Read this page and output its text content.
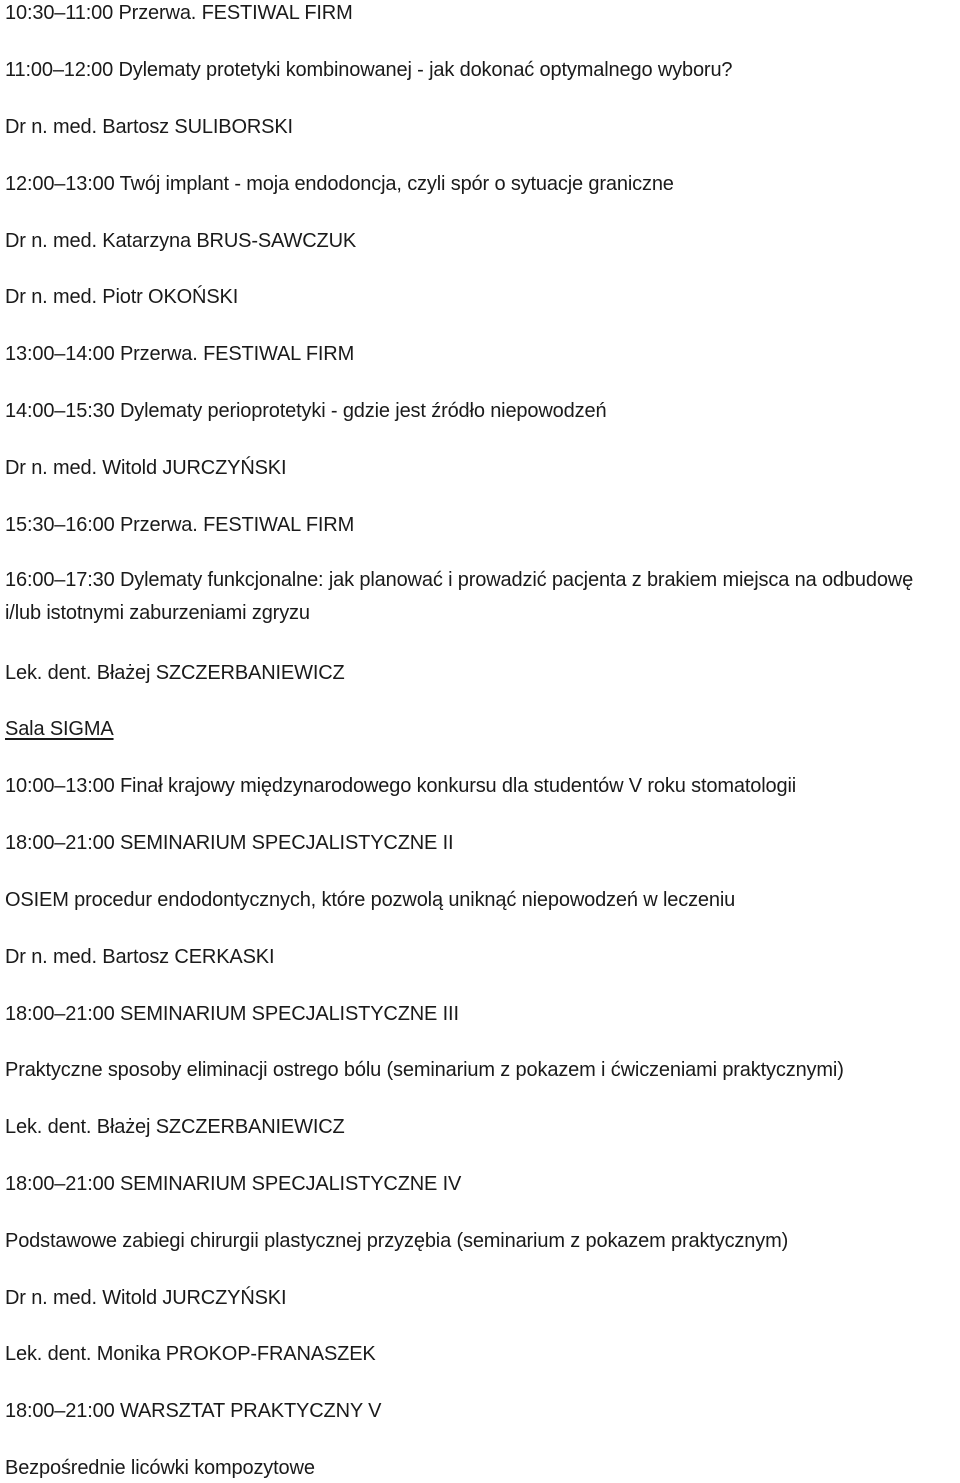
10:30–11:00 Przerwa. FESTIWAL FIRM
11:00–12:00 Dylematy protetyki kombinowanej - jak dokonać optymalnego wyboru?
Dr n. med. Bartosz SULIBORSKI
12:00–13:00 Twój implant - moja endodoncja, czyli spór o sytuacje graniczne
Dr n. med. Katarzyna BRUS-SAWCZUK
Dr n. med. Piotr OKOŃSKI
13:00–14:00 Przerwa. FESTIWAL FIRM
14:00–15:30 Dylematy perioprotetyki - gdzie jest źródło niepowodzeń
Dr n. med. Witold JURCZYŃSKI
15:30–16:00 Przerwa. FESTIWAL FIRM
16:00–17:30 Dylematy funkcjonalne: jak planować i prowadzić pacjenta z brakiem miejsca na odbudowę i/lub istotnymi zaburzeniami zgryzu
Lek. dent. Błażej SZCZERBANIEWICZ
Sala SIGMA
10:00–13:00 Finał krajowy międzynarodowego konkursu dla studentów V roku stomatologii
18:00–21:00 SEMINARIUM SPECJALISTYCZNE II
OSIEM procedur endodontycznych, które pozwolą uniknąć niepowodzeń w leczeniu
Dr n. med. Bartosz CERKASKI
18:00–21:00 SEMINARIUM SPECJALISTYCZNE III
Praktyczne sposoby eliminacji ostrego bólu (seminarium z pokazem i ćwiczeniami praktycznymi)
Lek. dent. Błażej SZCZERBANIEWICZ
18:00–21:00 SEMINARIUM SPECJALISTYCZNE IV
Podstawowe zabiegi chirurgii plastycznej przyzębia (seminarium z pokazem praktycznym)
Dr n. med. Witold JURCZYŃSKI
Lek. dent. Monika PROKOP-FRANASZEK
18:00–21:00 WARSZTAT PRAKTYCZNY V
Bezpośrednie licówki kompozytowe
